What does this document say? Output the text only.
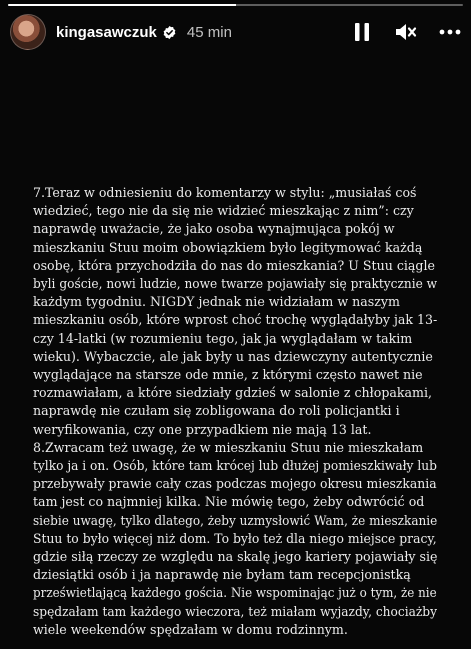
kingasawczuk 45 min
7.Teraz w odniesieniu do komentarzy w stylu: „musiałaś coś
wiedzieć, tego nie da się nie widzieć mieszkając z nim”: czy
naprawdę uważacie, że jako osoba wynajmująca pokój w
mieszkaniu Stuu moim obowiązkiem było legitymować każdą
osobę, która przychodziła do nas do mieszkania? U Stuu ciągle
byli goście, nowi ludzie, nowe twarze pojawiały się praktycznie w
każdym tygodniu. NIGDY jednak nie widziałam w naszym
mieszkaniu osób, które wprost choć trochę wyglądałyby jak 13-
czy 14-latki (w rozumieniu tego, jak ja wyglądałam w takim
wieku). Wybaczcie, ale jak były u nas dziewczyny autentycznie
wyglądające na starsze ode mnie, z którymi często nawet nie
rozmawiałam, a które siedziały gdzieś w salonie z chłopakami,
naprawdę nie czułam się zobligowana do roli policjantki i
weryfikowania, czy one przypadkiem nie mają 13 lat.
8.Zwracam też uwagę, że w mieszkaniu Stuu nie mieszkałam
tylko ja i on. Osób, które tam krócej lub dłużej pomieszkiwały lub
przebywały prawie cały czas podczas mojego okresu mieszkania
tam jest co najmniej kilka. Nie mówię tego, żeby odwrócić od
siebie uwagę, tylko dlatego, żeby uzmysłowić Wam, że mieszkanie
Stuu to było więcej niż dom. To było też dla niego miejsce pracy,
gdzie siłą rzeczy ze względu na skalę jego kariery pojawiały się
dziesiątki osób i ja naprawdę nie byłam tam recepcjonistką
prześwietlającą każdego gościa. Nie wspominając już o tym, że nie
spędzałam tam każdego wieczora, też miałam wyjazdy, chociażby
wiele weekendów spędzałam w domu rodzinnym.
